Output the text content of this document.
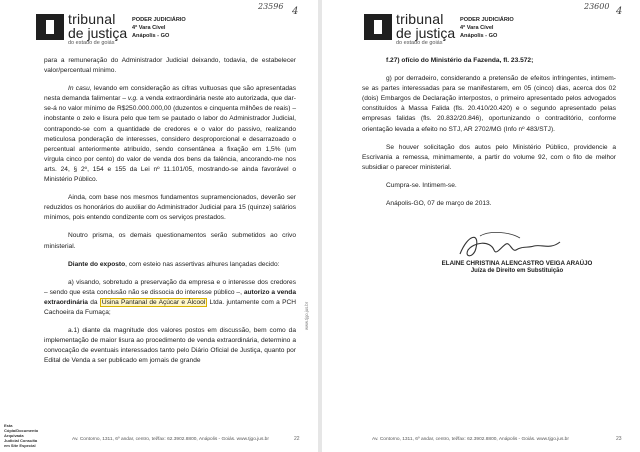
tribunal
de justiça
do estado de goiás
PODER JUDICIÁRIO
4ª Vara Cível
Anápolis - GO
23596 4

para a remuneração do Administrador Judicial deixando, todavia, de estabelecer valor/percentual mínimo.

In casu, levando em consideração as cifras vultuosas que são apresentadas nesta demanda falimentar – v.g. a venda extraordinária neste ato autorizada, que dar-se-á no valor mínimo de R$250.000.000,00 (duzentos e cinquenta milhões de reais) – inobstante o zelo e lisura pelo que tem se pautado o labor do Administrador Judicial, contrapondo-se com a quantidade de credores e o valor do passivo, realizando meticulosa ponderação de interesses, considero desproporcional e desarrazoado o percentual anteriormente atribuído, sendo consentânea a fixação em 1,5% (um vírgula cinco por cento) do valor de venda dos bens da falência, ancorando-me nos arts. 24, § 2º, 154 e 155 da Lei nº 11.101/05, mostrando-se ainda favorável o Ministério Público.

Ainda, com base nos mesmos fundamentos supramencionados, deverão ser reduzidos os honorários do auxiliar do Administrador Judicial para 15 (quinze) salários mínimos, pois entendo condizente com os serviços prestados.

Noutro prisma, os demais questionamentos serão submetidos ao crivo ministerial.

Diante do exposto, com esteio nas assertivas alhures lançadas decido:

a) visando, sobretudo a preservação da empresa e o interesse dos credores – sendo que esta conclusão não se dissocia do interesse público –, autorizo a venda extraordinária da Usina Pantanal de Açúcar e Álcool Ltda. juntamente com a PCH Cachoeira da Fumaça;

a.1) diante da magnitude dos valores postos em discussão, bem como da implementação de maior lisura ao procedimento de venda extraordinária, determino a convocação de eventuais interessados tanto pelo Diário Oficial de Justiça, quanto por Edital de Venda a ser publicado em jornais de grande

www.tjgo.jus.br
Esta Cópia/Documento Arquivada Judicial Consulta em Site Especial
Av. Contorno, 1311, 6º andar, centro, tel/fax: 62.3902.8800, Anápolis - Goiás. www.tjgo.jus.br	22
tribunal
de justiça
do estado de goiás
PODER JUDICIÁRIO
4ª Vara Cível
Anápolis - GO
23600 4

f.27) ofício do Ministério da Fazenda, fl. 23.572;

g) por derradeiro, considerando a pretensão de efeitos infringentes, intimem-se as partes interessadas para se manifestarem, em 05 (cinco) dias, acerca dos 02 (dois) Embargos de Declaração interpostos, o primeiro apresentado pelos advogados constituídos à Massa Falida (fls. 20.410/20.420) e o segundo apresentado pelas empresas falidas (fls. 20.832/20.846), oportunizando o contraditório, conforme orientação levada a efeito no STJ, AR 2702/MG (Info nº 483/STJ).

Se houver solicitação dos autos pelo Ministério Público, providencie a Escrivania a remessa, minimamente, a partir do volume 92, com o fito de melhor subsidiar o parecer ministerial.

Cumpra-se. Intimem-se.

Anápolis-GO, 07 de março de 2013.

ELAINE CHRISTINA ALENCASTRO VEIGA ARAÚJO
Juíza de Direito em Substituição
Av. Contorno, 1311, 6º andar, centro, tel/fax: 62.3902.8800, Anápolis - Goiás. www.tjgo.jus.br	23
